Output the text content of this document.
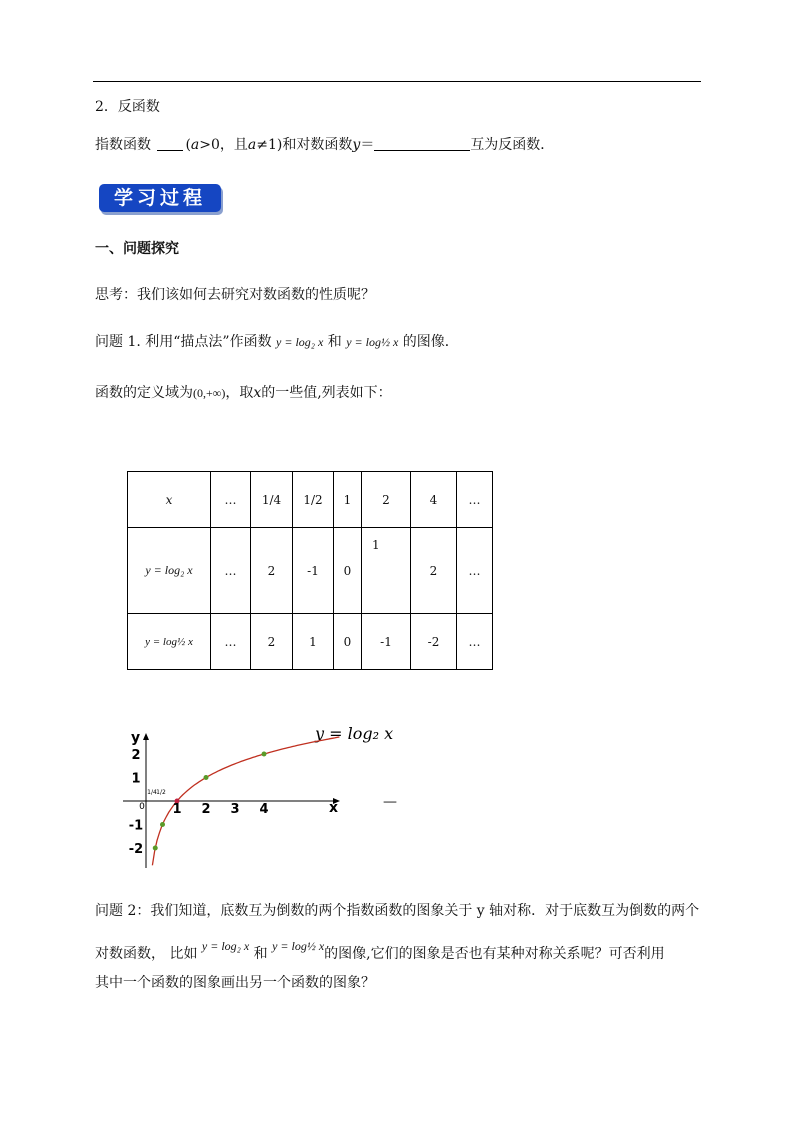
2．反函数
指数函数 (a>0，且a≠1)和对数函数y＝	互为反函数．
学习过程
一、问题探究
思考：我们该如何去研究对数函数的性质呢？
问题 1. 利用“描点法”作函数 y = log₂ x 和 y = log½ x 的图像．
函数的定义域为(0,+∞)，取x的一些值,列表如下：
x	…	1/4	1/2	1	2	4	…
y = log₂ x	…	2	-1	0	1	2	…
y = log½ x	…	2	1	0	-1	-2	…
y
x
y = log₂ x
0
1/4 1/2
1 2 3 4
2
1
-1
-2
—
问题 2：我们知道，底数互为倒数的两个指数函数的图象关于 y 轴对称．对于底数互为倒数的两个
对数函数， 比如 y = log₂ x 和 y = log½ x的图像,它们的图象是否也有某种对称关系呢？可否利用
其中一个函数的图象画出另一个函数的图象？
